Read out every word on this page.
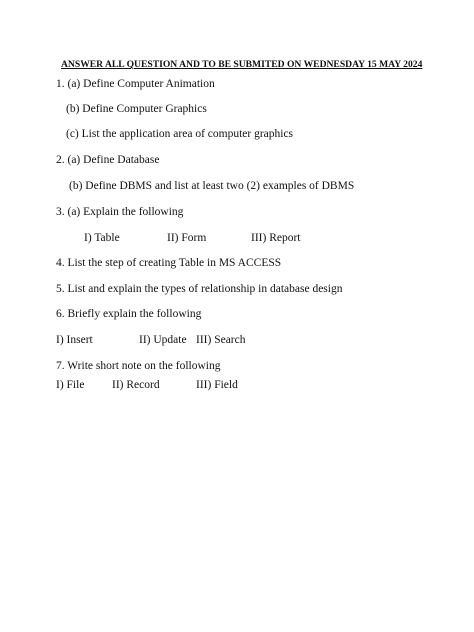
ANSWER ALL QUESTION AND TO BE SUBMITED ON WEDNESDAY 15 MAY 2024
1. (a) Define Computer Animation
(b) Define Computer Graphics
(c) List the application area of computer graphics
2. (a) Define Database
(b) Define DBMS and list at least two (2) examples of DBMS
3. (a) Explain the following
I) Table	II) Form	III) Report
4. List the step of creating Table in MS ACCESS
5. List and explain the types of relationship in database design
6. Briefly explain the following
I) Insert	II) Update III) Search
7. Write short note on the following
I) File II) Record	III) Field
